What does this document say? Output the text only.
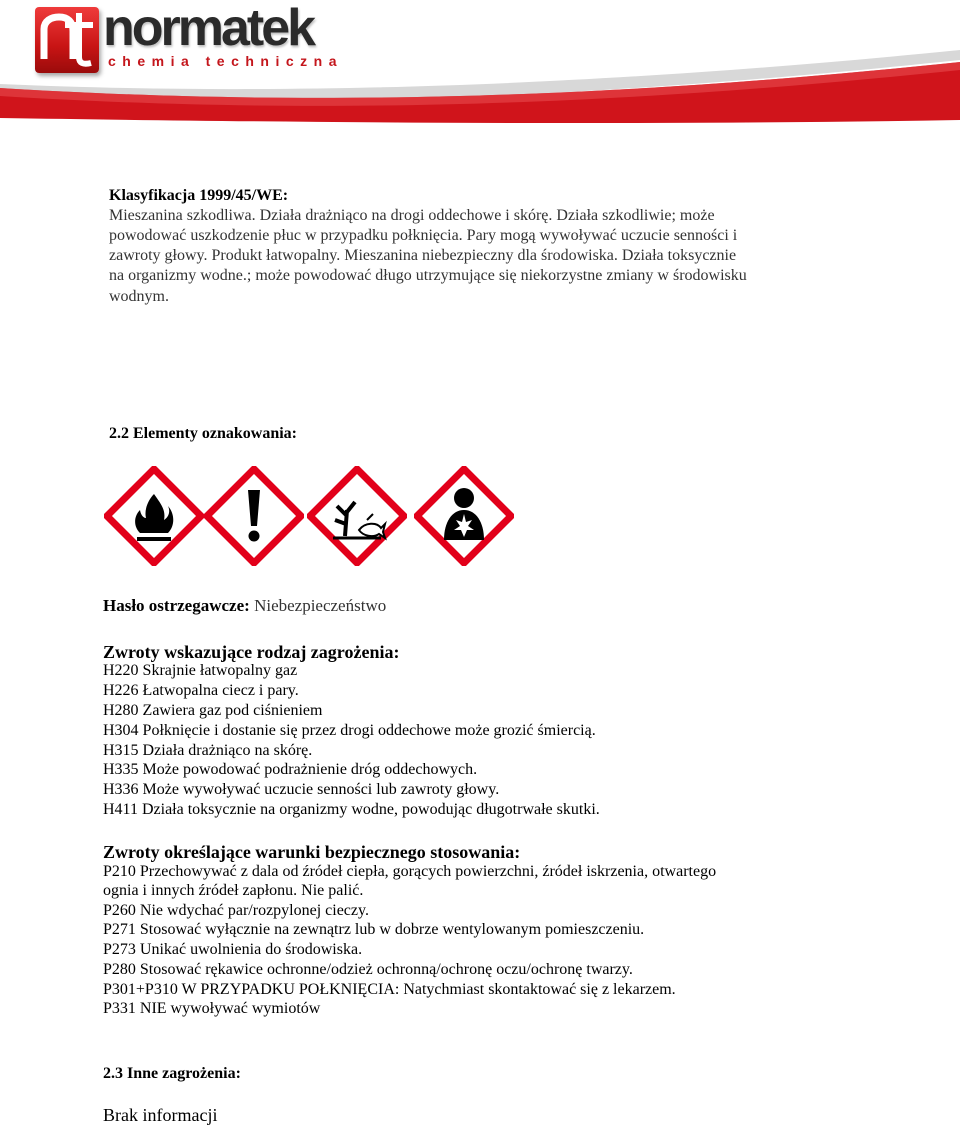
normatek
chemia techniczna
Klasyfikacja 1999/45/WE:
Mieszanina szkodliwa. Działa drażniąco na drogi oddechowe i skórę. Działa szkodliwie; może
powodować uszkodzenie płuc w przypadku połknięcia. Pary mogą wywoływać uczucie senności i
zawroty głowy. Produkt łatwopalny. Mieszanina niebezpieczny dla środowiska. Działa toksycznie
na organizmy wodne.; może powodować długo utrzymujące się niekorzystne zmiany w środowisku
wodnym.
2.2 Elementy oznakowania:
Hasło ostrzegawcze: Niebezpieczeństwo
Zwroty wskazujące rodzaj zagrożenia:
H220 Skrajnie łatwopalny gaz
H226 Łatwopalna ciecz i pary.
H280 Zawiera gaz pod ciśnieniem
H304 Połknięcie i dostanie się przez drogi oddechowe może grozić śmiercią.
H315 Działa drażniąco na skórę.
H335 Może powodować podrażnienie dróg oddechowych.
H336 Może wywoływać uczucie senności lub zawroty głowy.
H411 Działa toksycznie na organizmy wodne, powodując długotrwałe skutki.
Zwroty określające warunki bezpiecznego stosowania:
P210 Przechowywać z dala od źródeł ciepła, gorących powierzchni, źródeł iskrzenia, otwartego
ognia i innych źródeł zapłonu. Nie palić.
P260 Nie wdychać par/rozpylonej cieczy.
P271 Stosować wyłącznie na zewnątrz lub w dobrze wentylowanym pomieszczeniu.
P273 Unikać uwolnienia do środowiska.
P280 Stosować rękawice ochronne/odzież ochronną/ochronę oczu/ochronę twarzy.
P301+P310 W PRZYPADKU POŁKNIĘCIA: Natychmiast skontaktować się z lekarzem.
P331 NIE wywoływać wymiotów
2.3 Inne zagrożenia:
Brak informacji
